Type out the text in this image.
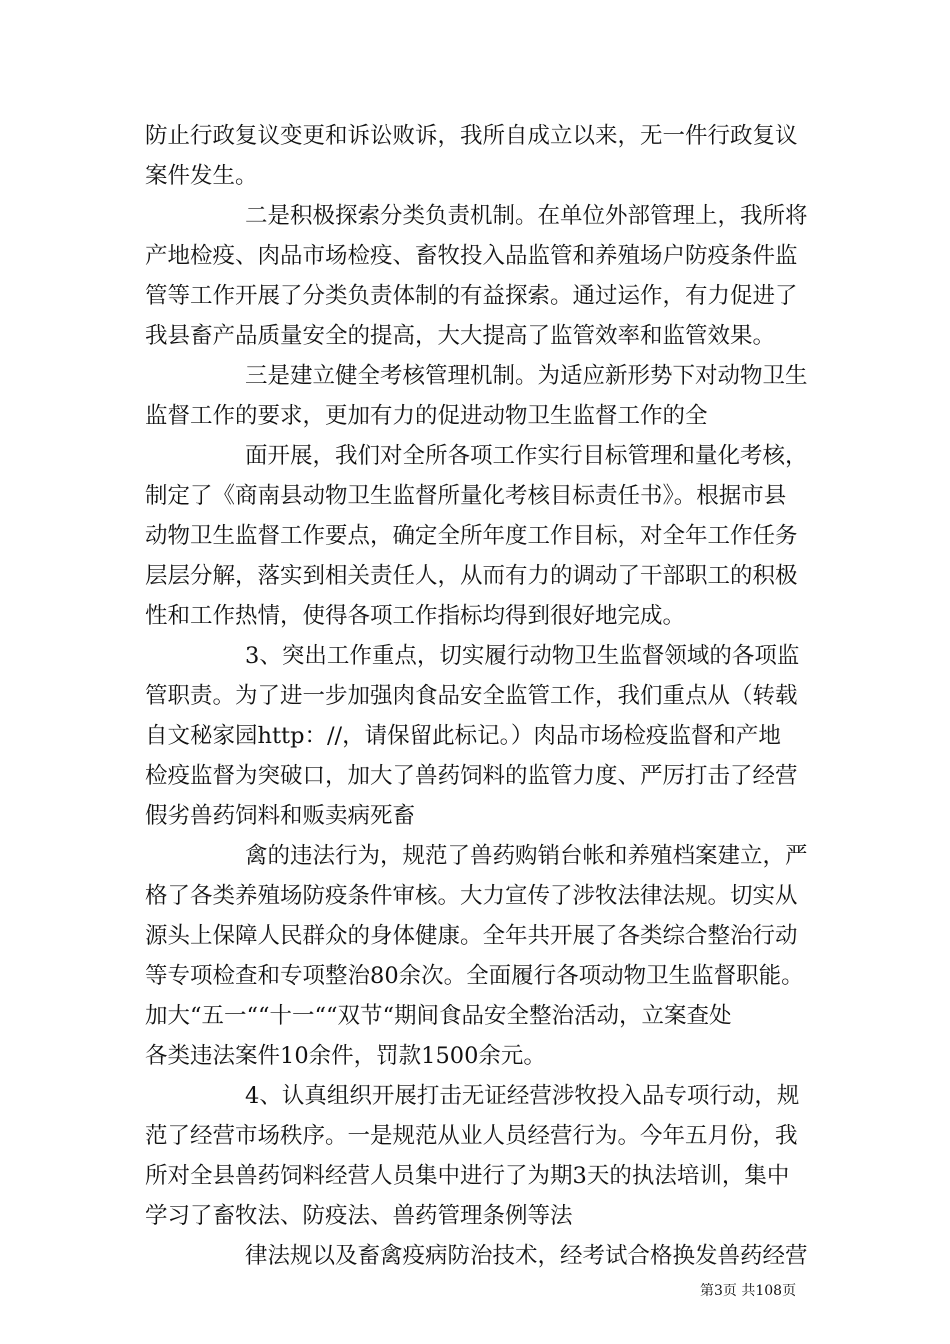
防止行政复议变更和诉讼败诉，我所自成立以来，无一件行政复议
案件发生。
二是积极探索分类负责机制。在单位外部管理上，我所将
产地检疫、肉品市场检疫、畜牧投入品监管和养殖场户防疫条件监
管等工作开展了分类负责体制的有益探索。通过运作，有力促进了
我县畜产品质量安全的提高，大大提高了监管效率和监管效果。
三是建立健全考核管理机制。为适应新形势下对动物卫生
监督工作的要求，更加有力的促进动物卫生监督工作的全
面开展，我们对全所各项工作实行目标管理和量化考核，
制定了《商南县动物卫生监督所量化考核目标责任书》。根据市县
动物卫生监督工作要点，确定全所年度工作目标，对全年工作任务
层层分解，落实到相关责任人，从而有力的调动了干部职工的积极
性和工作热情，使得各项工作指标均得到很好地完成。
3、突出工作重点，切实履行动物卫生监督领域的各项监
管职责。为了进一步加强肉食品安全监管工作，我们重点从（转载
自文秘家园http：//，请保留此标记。）肉品市场检疫监督和产地
检疫监督为突破口，加大了兽药饲料的监管力度、严厉打击了经营
假劣兽药饲料和贩卖病死畜
禽的违法行为，规范了兽药购销台帐和养殖档案建立，严
格了各类养殖场防疫条件审核。大力宣传了涉牧法律法规。切实从
源头上保障人民群众的身体健康。全年共开展了各类综合整治行动
等专项检查和专项整治80余次。全面履行各项动物卫生监督职能。
加大“五一““十一““双节“期间食品安全整治活动，立案查处
各类违法案件10余件，罚款1500余元。
4、认真组织开展打击无证经营涉牧投入品专项行动，规
范了经营市场秩序。一是规范从业人员经营行为。今年五月份，我
所对全县兽药饲料经营人员集中进行了为期3天的执法培训，集中
学习了畜牧法、防疫法、兽药管理条例等法
律法规以及畜禽疫病防治技术，经考试合格换发兽药经营
第3页 共108页
